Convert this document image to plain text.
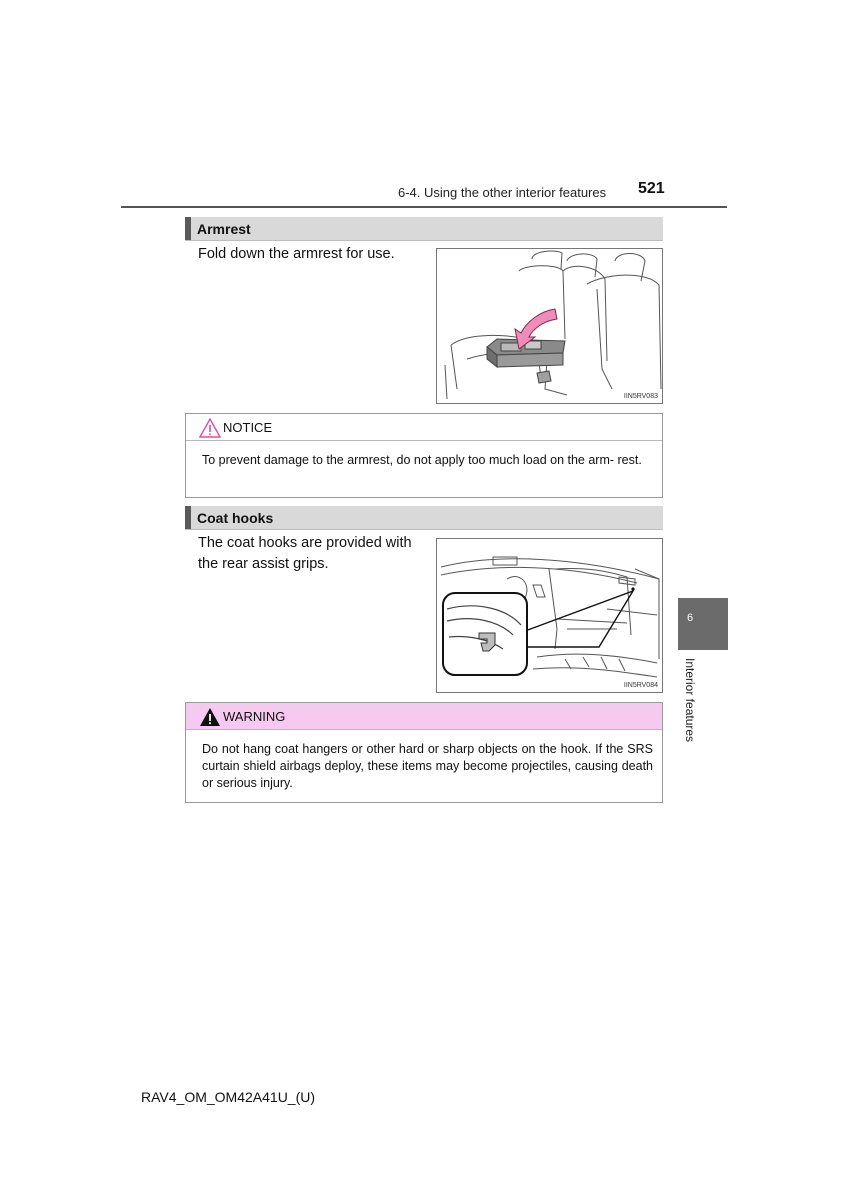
6-4. Using the other interior features 521
Armrest
Fold down the armrest for use.
IIN5RV083
NOTICE
To prevent damage to the armrest, do not apply too much load on the arm- rest.
Coat hooks
The coat hooks are provided with
the rear assist grips.
IIN5RV084
WARNING
Do not hang coat hangers or other hard or sharp objects on the hook. If the SRS curtain shield airbags deploy, these items may become projectiles, causing death or serious injury.
6
Interior features
RAV4_OM_OM42A41U_(U)
